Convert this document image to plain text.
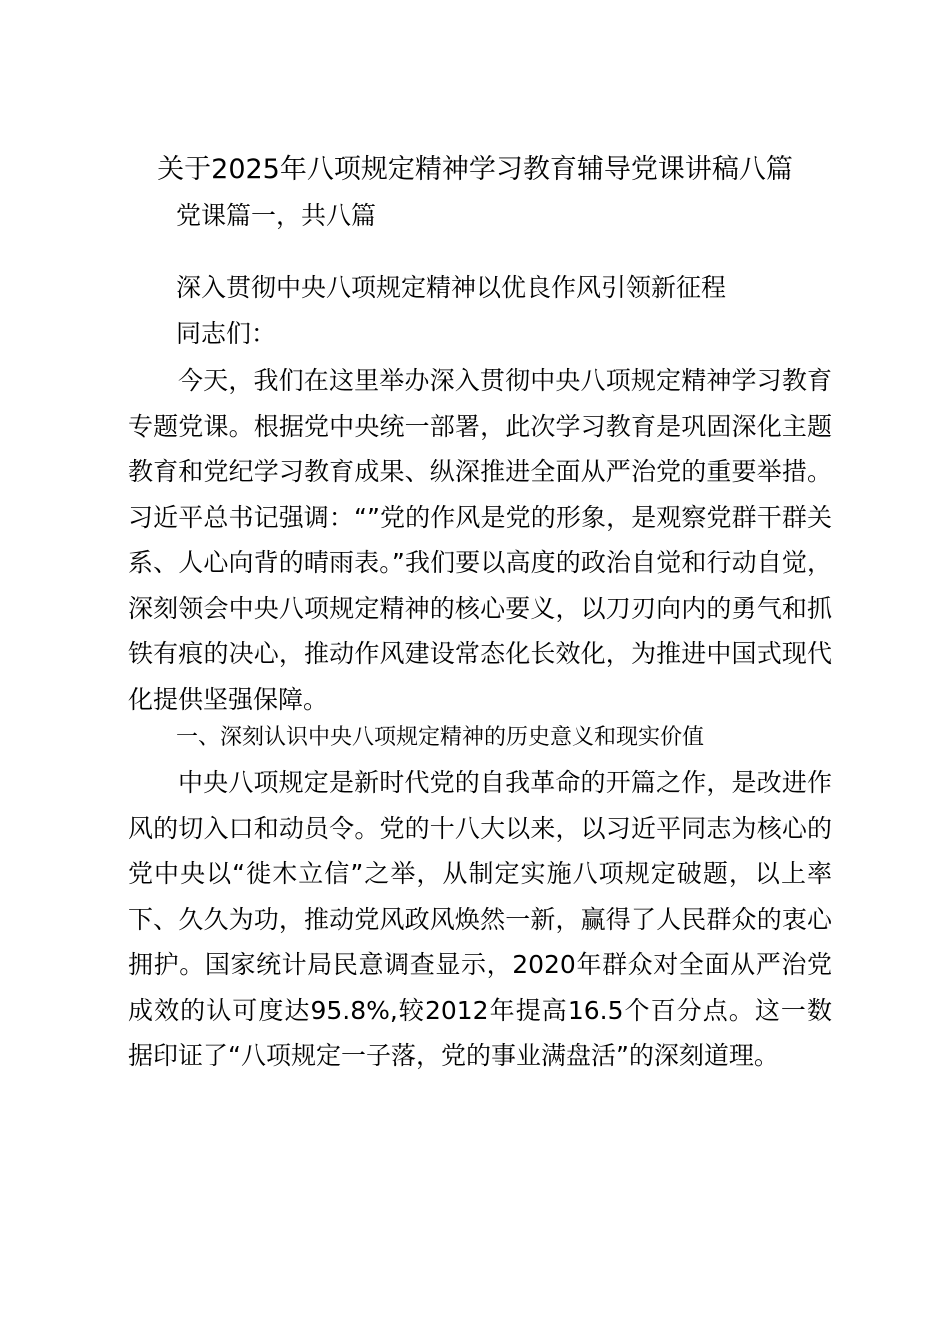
关于2025年八项规定精神学习教育辅导党课讲稿八篇
党课篇一，共八篇
深入贯彻中央八项规定精神以优良作风引领新征程
同志们：
今天，我们在这里举办深入贯彻中央八项规定精神学习教育专题党课。根据党中央统一部署，此次学习教育是巩固深化主题教育和党纪学习教育成果、纵深推进全面从严治党的重要举措。习近平总书记强调：“”党的作风是党的形象，是观察党群干群关系、人心向背的晴雨表。”我们要以高度的政治自觉和行动自觉，深刻领会中央八项规定精神的核心要义，以刀刃向内的勇气和抓铁有痕的决心，推动作风建设常态化长效化，为推进中国式现代化提供坚强保障。
一、深刻认识中央八项规定精神的历史意义和现实价值
中央八项规定是新时代党的自我革命的开篇之作，是改进作风的切入口和动员令。党的十八大以来，以习近平同志为核心的党中央以“徙木立信”之举，从制定实施八项规定破题，以上率下、久久为功，推动党风政风焕然一新，赢得了人民群众的衷心拥护。国家统计局民意调查显示，2020年群众对全面从严治党成效的认可度达95.8%,较2012年提高16.5个百分点。这一数据印证了“八项规定一子落，党的事业满盘活”的深刻道理。
